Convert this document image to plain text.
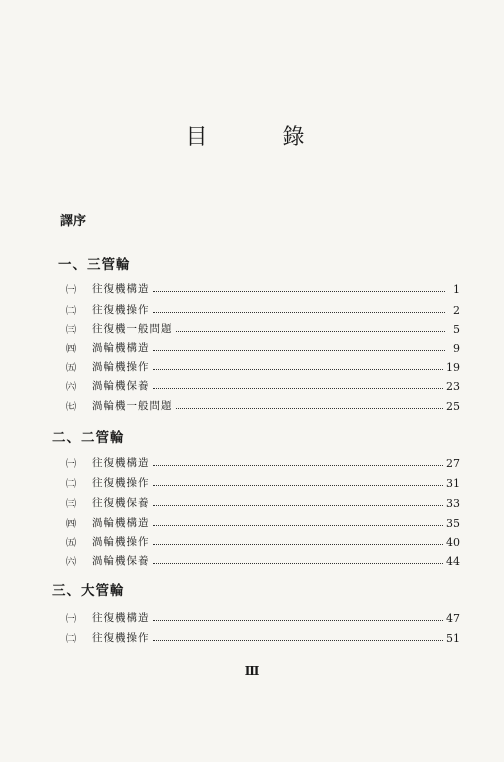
目 錄
譯序
一、三管輪
㈠	往復機構造	1
㈡	往復機操作	2
㈢	往復機一般問題	5
㈣	渦輪機構造	9
㈤	渦輪機操作	19
㈥	渦輪機保養	23
㈦	渦輪機一般問題	25
二、二管輪
㈠	往復機構造	27
㈡	往復機操作	31
㈢	往復機保養	33
㈣	渦輪機構造	35
㈤	渦輪機操作	40
㈥	渦輪機保養	44
三、大管輪
㈠	往復機構造	47
㈡	往復機操作	51
Ⅲ
